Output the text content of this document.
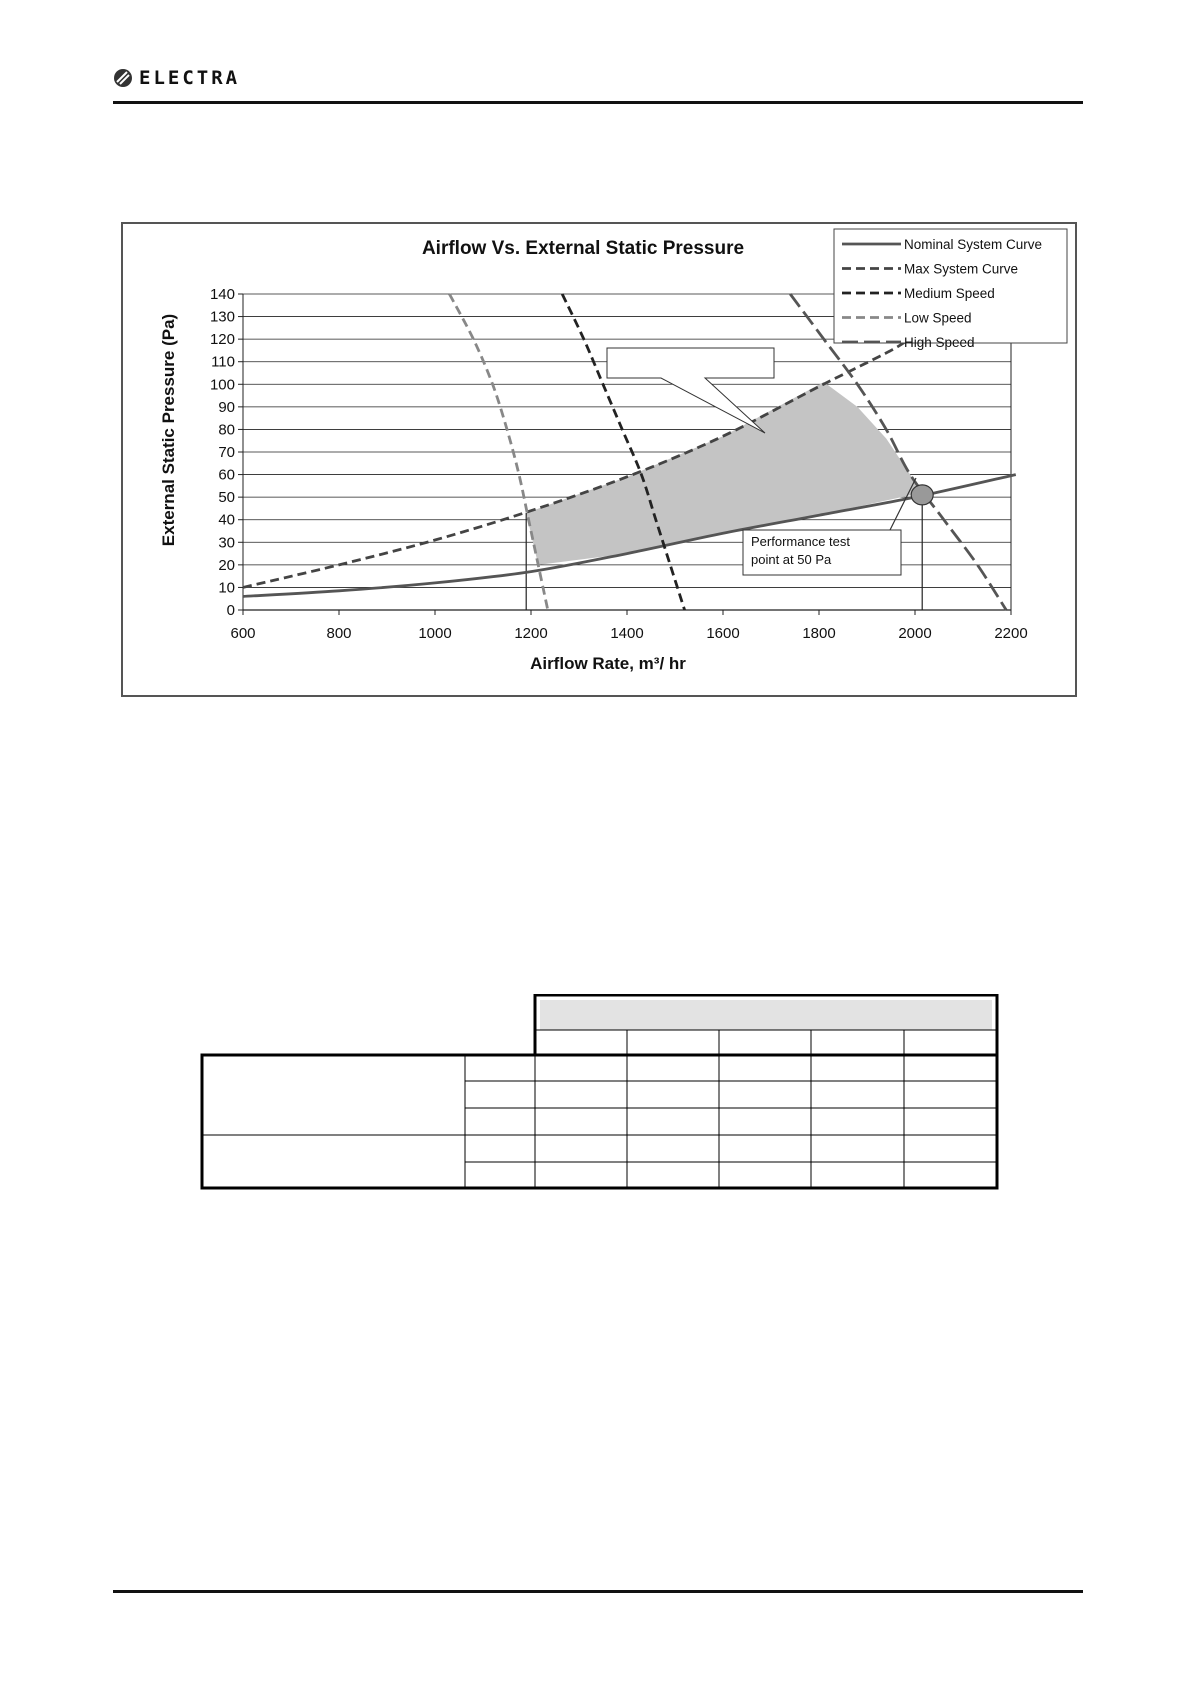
ELECTRA
Airflow Vs. External Static Pressure
Airflow Rate, m³/ hr
External Static Pressure (Pa)
0
10
20
30
40
50
60
70
80
90
100
110
120
130
140
600	800	1000	1200	1400	1600	1800	2000	2200
Performance test
point at 50 Pa
Nominal System Curve
Max System Curve
Medium Speed
Low Speed
High Speed
